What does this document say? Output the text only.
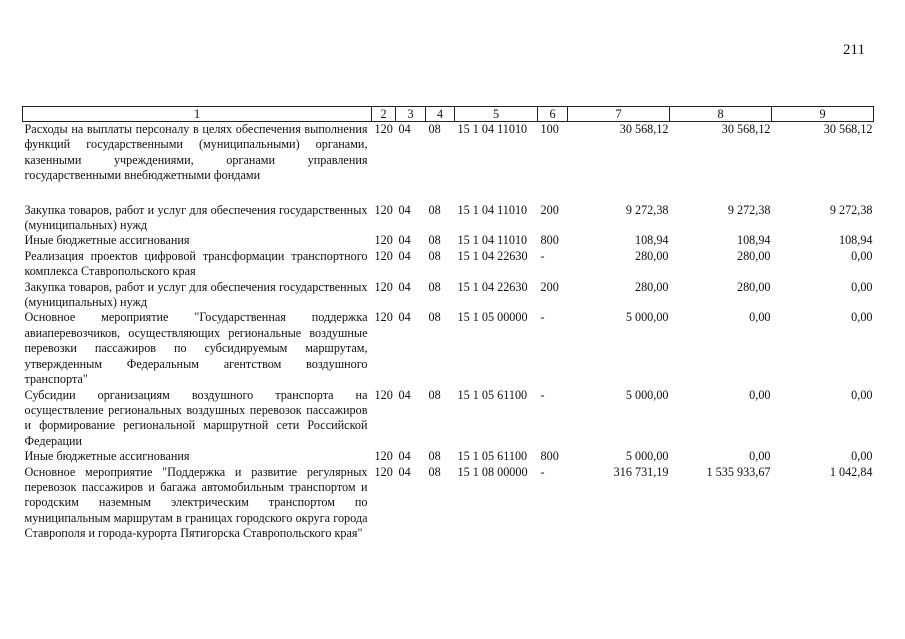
211
1	2	3	4	5	6	7	8	9
Расходы на выплаты персоналу в целях обеспечения выполнения функций государственными (муниципальными) органами, казенными учреждениями, органами управления государственными внебюджетными фондами	120	04	08	15 1 04 11010	100	30 568,12	30 568,12	30 568,12

Закупка товаров, работ и услуг для обеспечения государственных (муниципальных) нужд	120	04	08	15 1 04 11010	200	9 272,38	9 272,38	9 272,38
Иные бюджетные ассигнования	120	04	08	15 1 04 11010	800	108,94	108,94	108,94
Реализация проектов цифровой трансформации транспортного комплекса Ставропольского края	120	04	08	15 1 04 22630	-	280,00	280,00	0,00
Закупка товаров, работ и услуг для обеспечения государственных (муниципальных) нужд	120	04	08	15 1 04 22630	200	280,00	280,00	0,00
Основное мероприятие "Государственная поддержка авиаперевозчиков, осуществляющих региональные воздушные перевозки пассажиров по субсидируемым маршрутам, утвержденным Федеральным агентством воздушного транспорта"	120	04	08	15 1 05 00000	-	5 000,00	0,00	0,00
Субсидии организациям воздушного транспорта на осуществление региональных воздушных перевозок пассажиров и формирование региональной маршрутной сети Российской Федерации	120	04	08	15 1 05 61100	-	5 000,00	0,00	0,00
Иные бюджетные ассигнования	120	04	08	15 1 05 61100	800	5 000,00	0,00	0,00
Основное мероприятие "Поддержка и развитие регулярных перевозок пассажиров и багажа автомобильным транспортом и городским наземным электрическим транспортом по муниципальным маршрутам в границах городского округа города Ставрополя и города-курорта Пятигорска Ставропольского края"	120	04	08	15 1 08 00000	-	316 731,19	1 535 933,67	1 042,84
